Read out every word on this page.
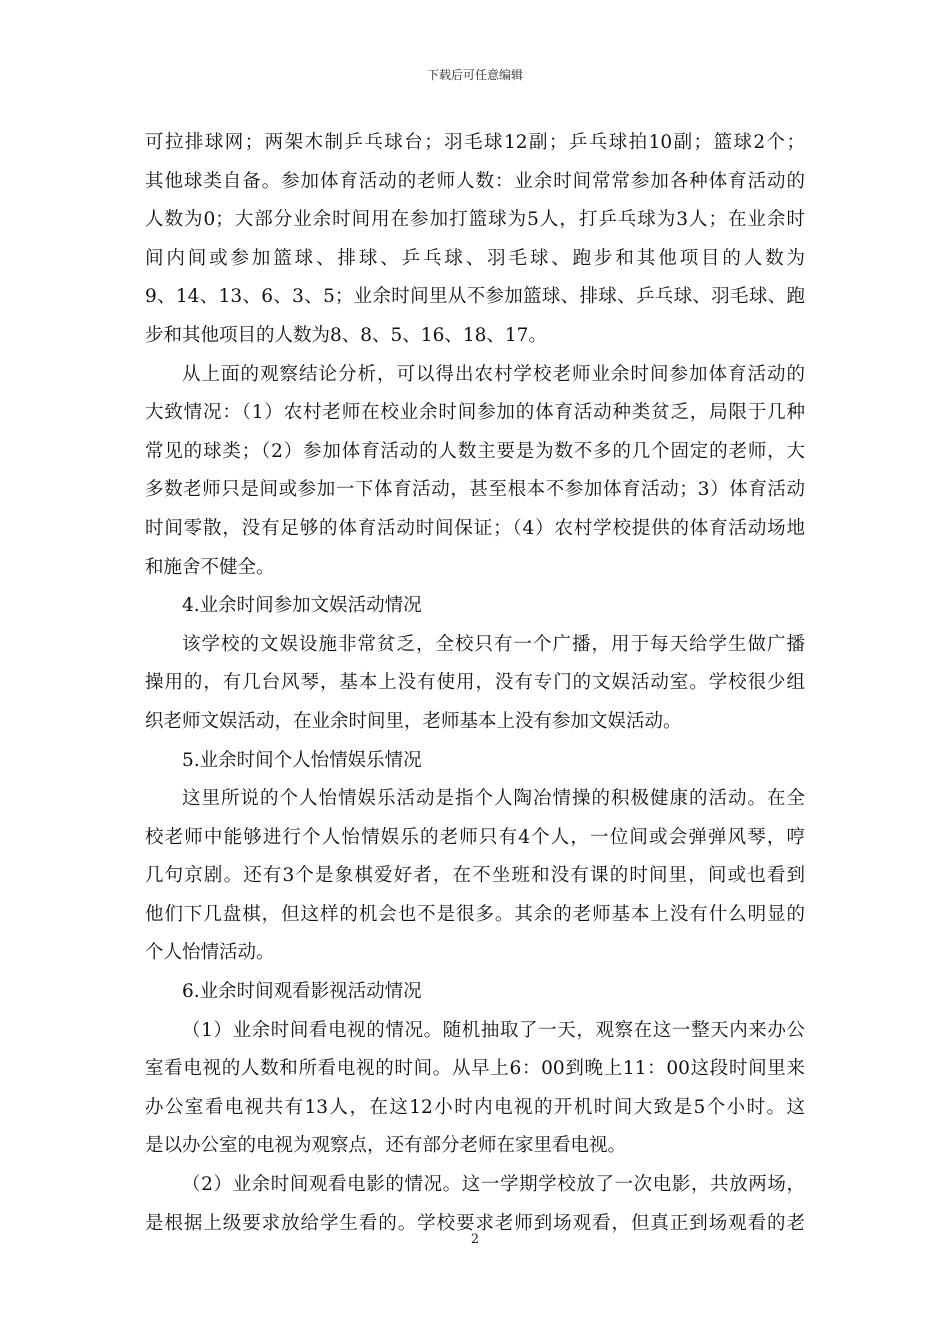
下载后可任意编辑
可拉排球网；两架木制乒乓球台；羽毛球12副；乒乓球拍10副；篮球2个；
其他球类自备。参加体育活动的老师人数：业余时间常常参加各种体育活动的
人数为0；大部分业余时间用在参加打篮球为5人，打乒乓球为3人；在业余时
间内间或参加篮球、排球、乒乓球、羽毛球、跑步和其他项目的人数为
9、14、13、6、3、5；业余时间里从不参加篮球、排球、乒乓球、羽毛球、跑
步和其他项目的人数为8、8、5、16、18、17。
从上面的观察结论分析，可以得出农村学校老师业余时间参加体育活动的
大致情况：（1）农村老师在校业余时间参加的体育活动种类贫乏，局限于几种
常见的球类；（2）参加体育活动的人数主要是为数不多的几个固定的老师，大
多数老师只是间或参加一下体育活动，甚至根本不参加体育活动；3）体育活动
时间零散，没有足够的体育活动时间保证；（4）农村学校提供的体育活动场地
和施舍不健全。
4.业余时间参加文娱活动情况
该学校的文娱设施非常贫乏，全校只有一个广播，用于每天给学生做广播
操用的，有几台风琴，基本上没有使用，没有专门的文娱活动室。学校很少组
织老师文娱活动，在业余时间里，老师基本上没有参加文娱活动。
5.业余时间个人怡情娱乐情况
这里所说的个人怡情娱乐活动是指个人陶冶情操的积极健康的活动。在全
校老师中能够进行个人怡情娱乐的老师只有4个人，一位间或会弹弹风琴，哼
几句京剧。还有3个是象棋爱好者，在不坐班和没有课的时间里，间或也看到
他们下几盘棋，但这样的机会也不是很多。其余的老师基本上没有什么明显的
个人怡情活动。
6.业余时间观看影视活动情况
（1）业余时间看电视的情况。随机抽取了一天，观察在这一整天内来办公
室看电视的人数和所看电视的时间。从早上6：00到晚上11：00这段时间里来
办公室看电视共有13人，在这12小时内电视的开机时间大致是5个小时。这
是以办公室的电视为观察点，还有部分老师在家里看电视。
（2）业余时间观看电影的情况。这一学期学校放了一次电影，共放两场，
是根据上级要求放给学生看的。学校要求老师到场观看，但真正到场观看的老
2
